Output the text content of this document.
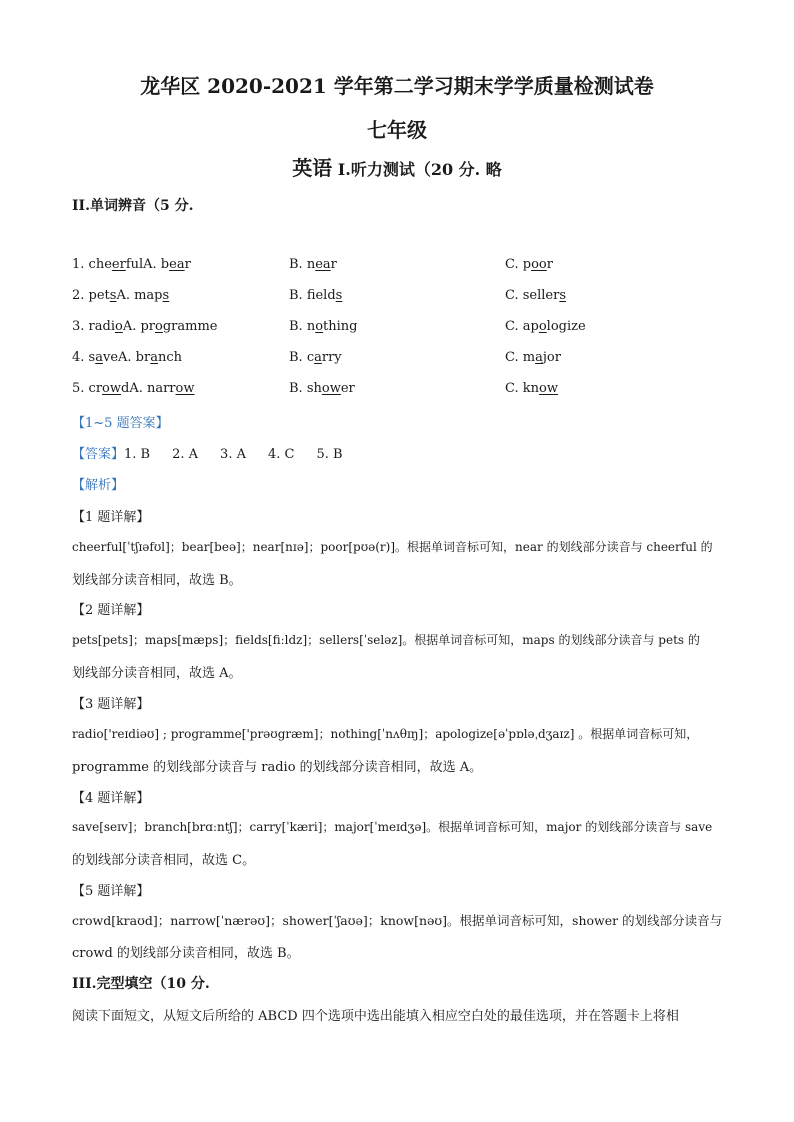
龙华区 2020-2021 学年第二学习期末学学质量检测试卷
七年级
英语 I.听力测试（20 分. 略
II.单词辨音（5 分.
1. cheerfulA. bear	B. near	C. poor
2. petsA. maps	B. fields	C. sellers
3. radioA. programme	B. nothing	C. apologize
4. saveA. branch	B. carry	C. major
5. crowdA. narrow	B. shower	C. know
【1~5 题答案】
【答案】1. B 2. A 3. A 4. C 5. B
【解析】
【1 题详解】
cheerful[ˈtʃɪəfʊl]；bear[beə]；near[nɪə]；poor[pʊə(r)]。根据单词音标可知，near 的划线部分读音与 cheerful 的
划线部分读音相同，故选 B。
【2 题详解】
pets[pets]；maps[mæps]；fields[fiːldz]；sellers[ˈseləz]。根据单词音标可知，maps 的划线部分读音与 pets 的
划线部分读音相同，故选 A。
【3 题详解】
radio['reɪdiəʊ] ; programme['prəʊgræm]；nothing[ˈnʌθɪŋ]；apologize[əˈpɒləˌdʒaɪz] 。根据单词音标可知，
programme 的划线部分读音与 radio 的划线部分读音相同，故选 A。
【4 题详解】
save[seɪv]；branch[brɑːntʃ]；carry[ˈkæri]；major[ˈmeɪdʒə]。根据单词音标可知，major 的划线部分读音与 save
的划线部分读音相同，故选 C。
【5 题详解】
crowd[kraʊd]；narrow[ˈnærəʊ]；shower[ˈʃaʊə]；know[nəʊ]。根据单词音标可知，shower 的划线部分读音与
crowd 的划线部分读音相同，故选 B。
III.完型填空（10 分.
阅读下面短文，从短文后所给的 ABCD 四个选项中选出能填入相应空白处的最佳选项，并在答题卡上将相
